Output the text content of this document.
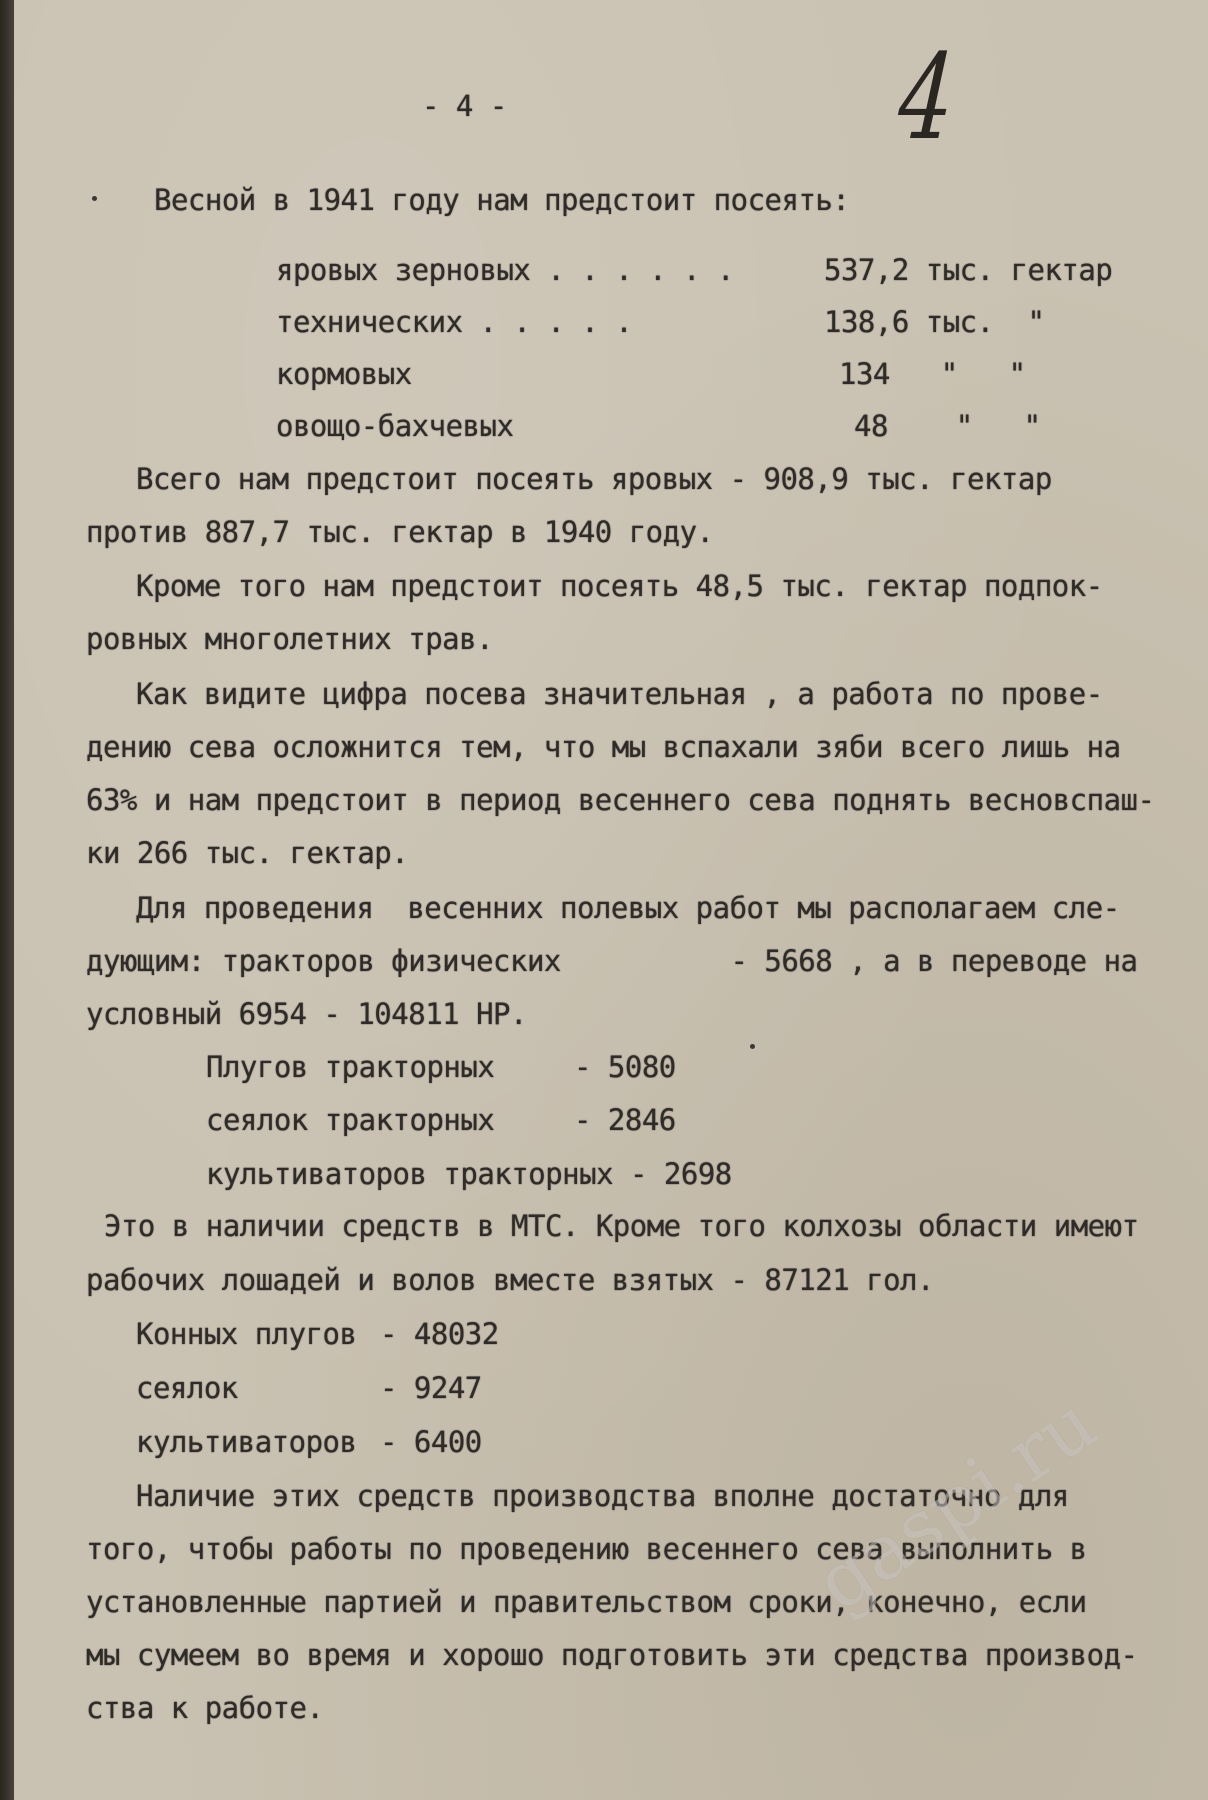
- 4 -	4

Весной в 1941 году нам предстоит посеять:

яровых зерновых . . . . . .	537,2 тыс. гектар

технических . . . . .	138,6 тыс.  "

кормовых	134   "   "

овощо-бахчевых	48    "   "

Всего нам предстоит посеять яровых - 908,9 тыс. гектар

против 887,7 тыс. гектар в 1940 году.

Кроме того нам предстоит посеять 48,5 тыс. гектар подпок-

ровных многолетних трав.

Как видите цифра посева значительная , а работа по прове-

дению сева осложнится тем, что мы вспахали зяби всего лишь на

63% и нам предстоит в период весеннего сева поднять весновспаш-

ки 266 тыс. гектар.

Для проведения  весенних полевых работ мы располагаем сле-

дующим: тракторов физических          - 5668 , а в переводе на

условный 6954 - 104811 HP.

Плугов тракторных	- 5080

сеялок тракторных	- 2846

культиваторов тракторных - 2698

Это в наличии средств в МТС. Кроме того колхозы области имеют

рабочих лошадей и волов вместе взятых - 87121 гол.

Конных плугов - 48032

сеялок	- 9247

культиваторов - 6400

Наличие этих средств производства вполне достаточно для

того, чтобы работы по проведению весеннего сева выполнить в

установленные партией и правительством сроки, конечно, если

мы сумеем во время и хорошо подготовить эти средства производ-

ства к работе.

gaspi.ru
